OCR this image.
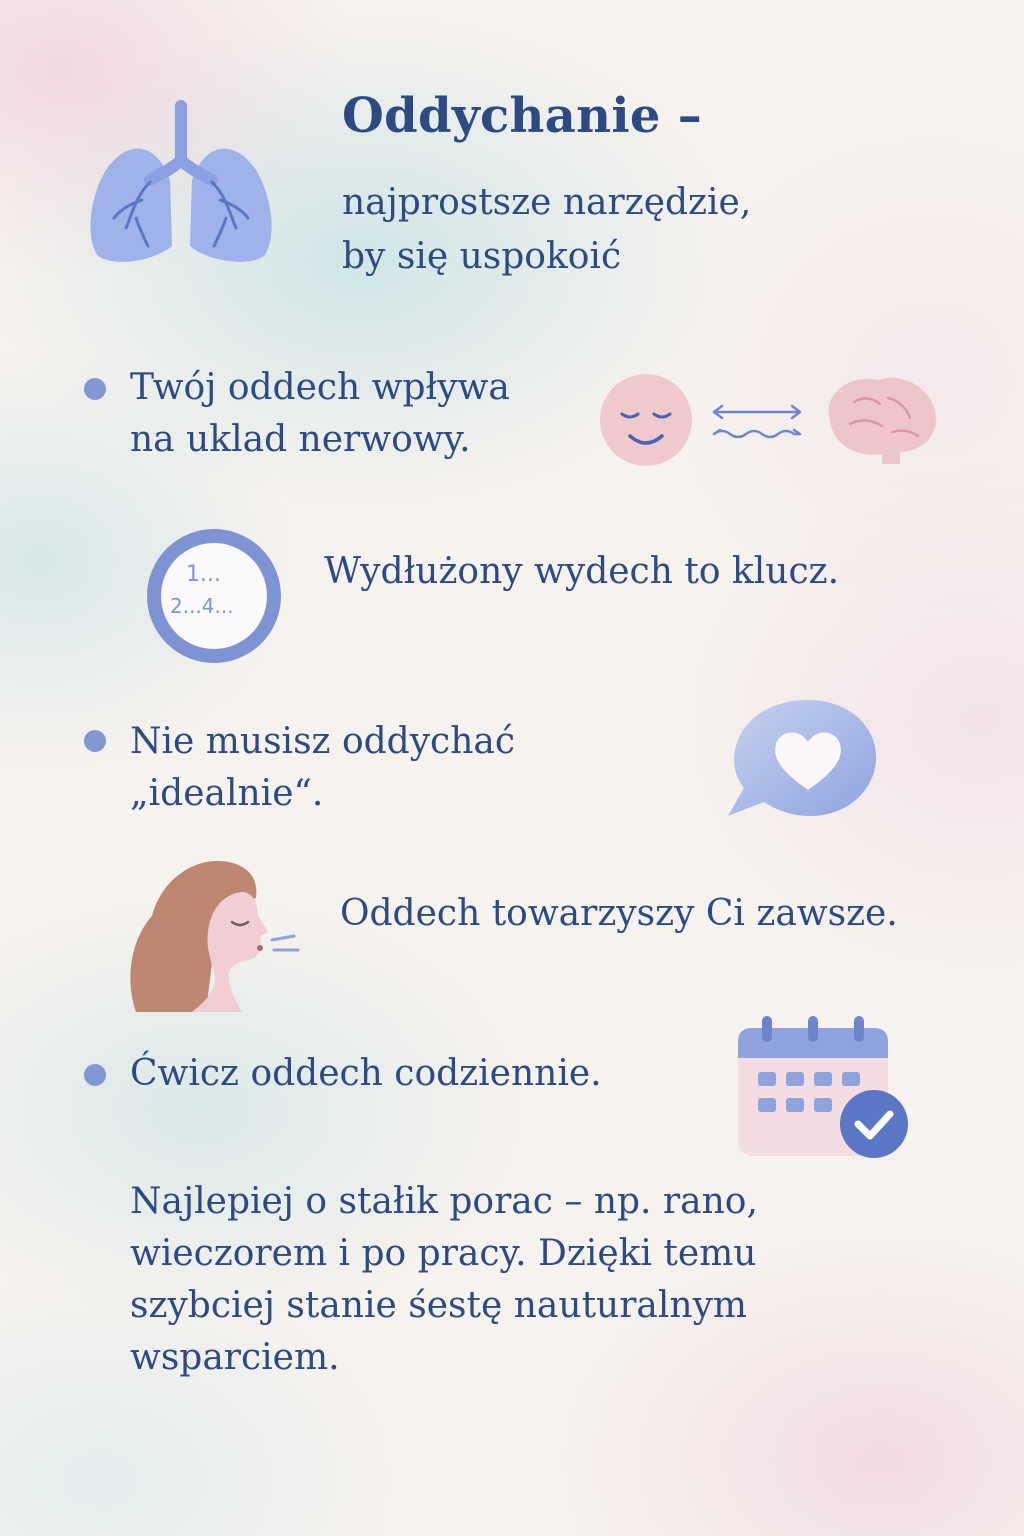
Oddychanie –
najprostsze narzędzie,
by się uspokoić
Twój oddech wpływa
na uklad nerwowy.
1...
2...4...
Wydłużony wydech to klucz.
Nie musisz oddychać
„idealnie“.
Oddech towarzyszy Ci zawsze.
Ćwicz oddech codziennie.

Najlepiej o stałik porac – np. rano,
wieczorem i po pracy. Dzięki temu
szybciej stanie śestę nauturalnym
wsparciem.
